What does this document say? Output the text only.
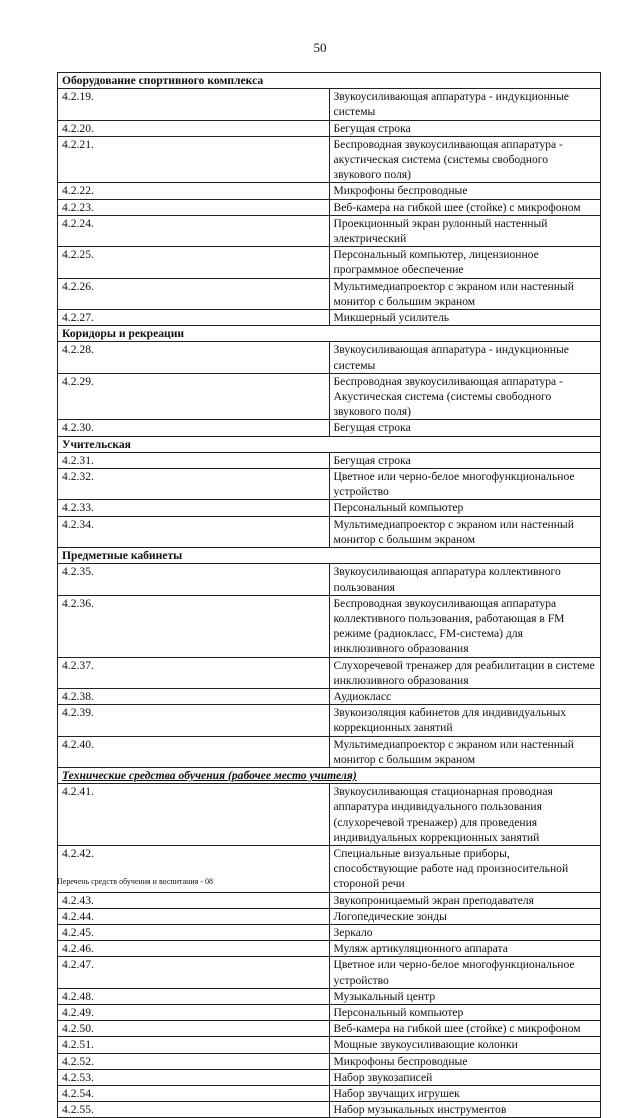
50
Оборудование спортивного комплекса	
4.2.19.	Звукоусиливающая аппаратура - индукционные системы
4.2.20.	Бегущая строка
4.2.21.	Беспроводная звукоусиливающая аппаратура - акустическая система (системы свободного звукового поля)
4.2.22.	Микрофоны беспроводные
4.2.23.	Веб-камера на гибкой шее (стойке) с микрофоном
4.2.24.	Проекционный экран рулонный настенный электрический
4.2.25.	Персональный компьютер, лицензионное программное обеспечение
4.2.26.	Мультимедиапроектор с экраном или настенный монитор с большим экраном
4.2.27.	Микшерный усилитель
Коридоры и рекреации	
4.2.28.	Звукоусиливающая аппаратура - индукционные системы
4.2.29.	Беспроводная звукоусиливающая аппаратура - Акустическая система (системы свободного звукового поля)
4.2.30.	Бегущая строка
Учительская	
4.2.31.	Бегущая строка
4.2.32.	Цветное или черно-белое многофункциональное устройство
4.2.33.	Персональный компьютер
4.2.34.	Мультимедиапроектор с экраном или настенный монитор с большим экраном
Предметные кабинеты	
4.2.35.	Звукоусиливающая аппаратура коллективного пользования
4.2.36.	Беспроводная звукоусиливающая аппаратура коллективного пользования, работающая в FM режиме (радиокласс, FM-система) для инклюзивного образования
4.2.37.	Слухоречевой тренажер для реабилитации в системе инклюзивного образования
4.2.38.	Аудиокласс
4.2.39.	Звукоизоляция кабинетов для индивидуальных коррекционных занятий
4.2.40.	Мультимедиапроектор с экраном или настенный монитор с большим экраном
Технические средства обучения (рабочее место учителя)	
4.2.41.	Звукоусиливающая стационарная проводная аппаратура индивидуального пользования (слухоречевой тренажер) для проведения индивидуальных коррекционных занятий
4.2.42.	Специальные визуальные приборы, способствующие работе над произносительной стороной речи
4.2.43.	Звукопроницаемый экран преподавателя
4.2.44.	Логопедические зонды
4.2.45.	Зеркало
4.2.46.	Муляж артикуляционного аппарата
4.2.47.	Цветное или черно-белое многофункциональное устройство
4.2.48.	Музыкальный центр
4.2.49.	Персональный компьютер
4.2.50.	Веб-камера на гибкой шее (стойке) с микрофоном
4.2.51.	Мощные звукоусиливающие колонки
4.2.52.	Микрофоны беспроводные
4.2.53.	Набор звукозаписей
4.2.54.	Набор звучащих игрушек
4.2.55.	Набор музыкальных инструментов
Перечень средств обучения и воспитания - 08
